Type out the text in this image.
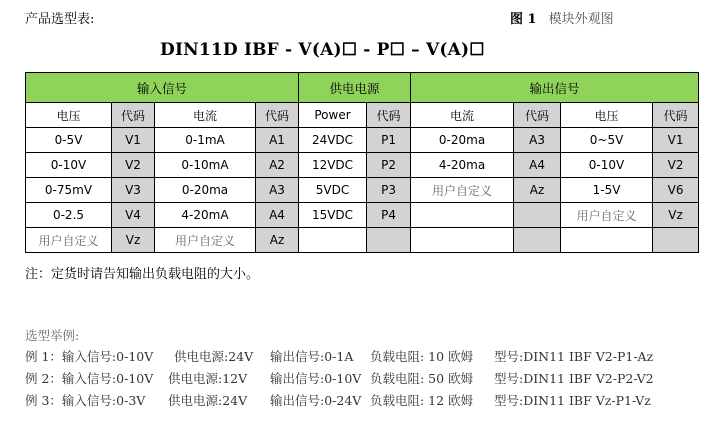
产品选型表:	图 1 模块外观图
DIN11D IBF - V(A)☐ - P☐ – V(A)☐
输入信号				供电电源		输出信号			
电压	代码	电流	代码	Power	代码	电流	代码	电压	代码
0-5V	V1	0-1mA	A1	24VDC	P1	0-20ma	A3	0~5V	V1
0-10V	V2	0-10mA	A2	12VDC	P2	4-20ma	A4	0-10V	V2
0-75mV	V3	0-20ma	A3	5VDC	P3	用户自定义	Az	1-5V	V6
0-2.5	V4	4-20mA	A4	15VDC	P4			用户自定义	Vz
用户自定义	Vz	用户自定义	Az						
注：定货时请告知输出负载电阻的大小。
选型举例:
例 1：输入信号:0-10V 供电电源:24V 输出信号:0-1A 负载电阻: 10 欧姆 型号:DIN11 IBF V2-P1-Az
例 2：输入信号:0-10V 供电电源:12V 输出信号:0-10V 负载电阻: 50 欧姆 型号:DIN11 IBF V2-P2-V2
例 3：输入信号:0-3V 供电电源:24V 输出信号:0-24V 负载电阻: 12 欧姆 型号:DIN11 IBF Vz-P1-Vz
